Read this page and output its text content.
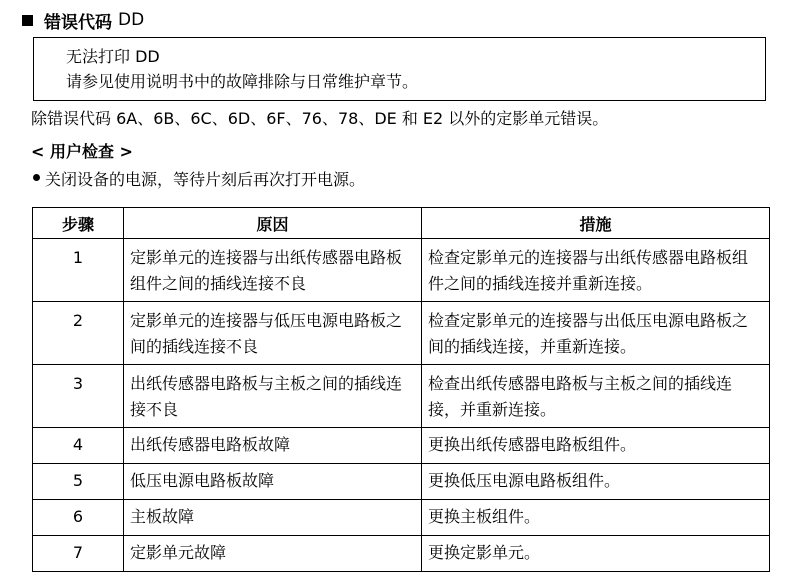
错误代码 DD
无法打印 DD
请参见使用说明书中的故障排除与日常维护章节。
除错误代码 6A、6B、6C、6D、6F、76、78、DE 和 E2 以外的定影单元错误。
< 用户检查 >
关闭设备的电源，等待片刻后再次打开电源。
步骤	原因	措施
1	定影单元的连接器与出纸传感器电路板组件之间的插线连接不良	检查定影单元的连接器与出纸传感器电路板组件之间的插线连接并重新连接。
2	定影单元的连接器与低压电源电路板之间的插线连接不良	检查定影单元的连接器与出低压电源电路板之间的插线连接，并重新连接。
3	出纸传感器电路板与主板之间的插线连接不良	检查出纸传感器电路板与主板之间的插线连接，并重新连接。
4	出纸传感器电路板故障	更换出纸传感器电路板组件。
5	低压电源电路板故障	更换低压电源电路板组件。
6	主板故障	更换主板组件。
7	定影单元故障	更换定影单元。
